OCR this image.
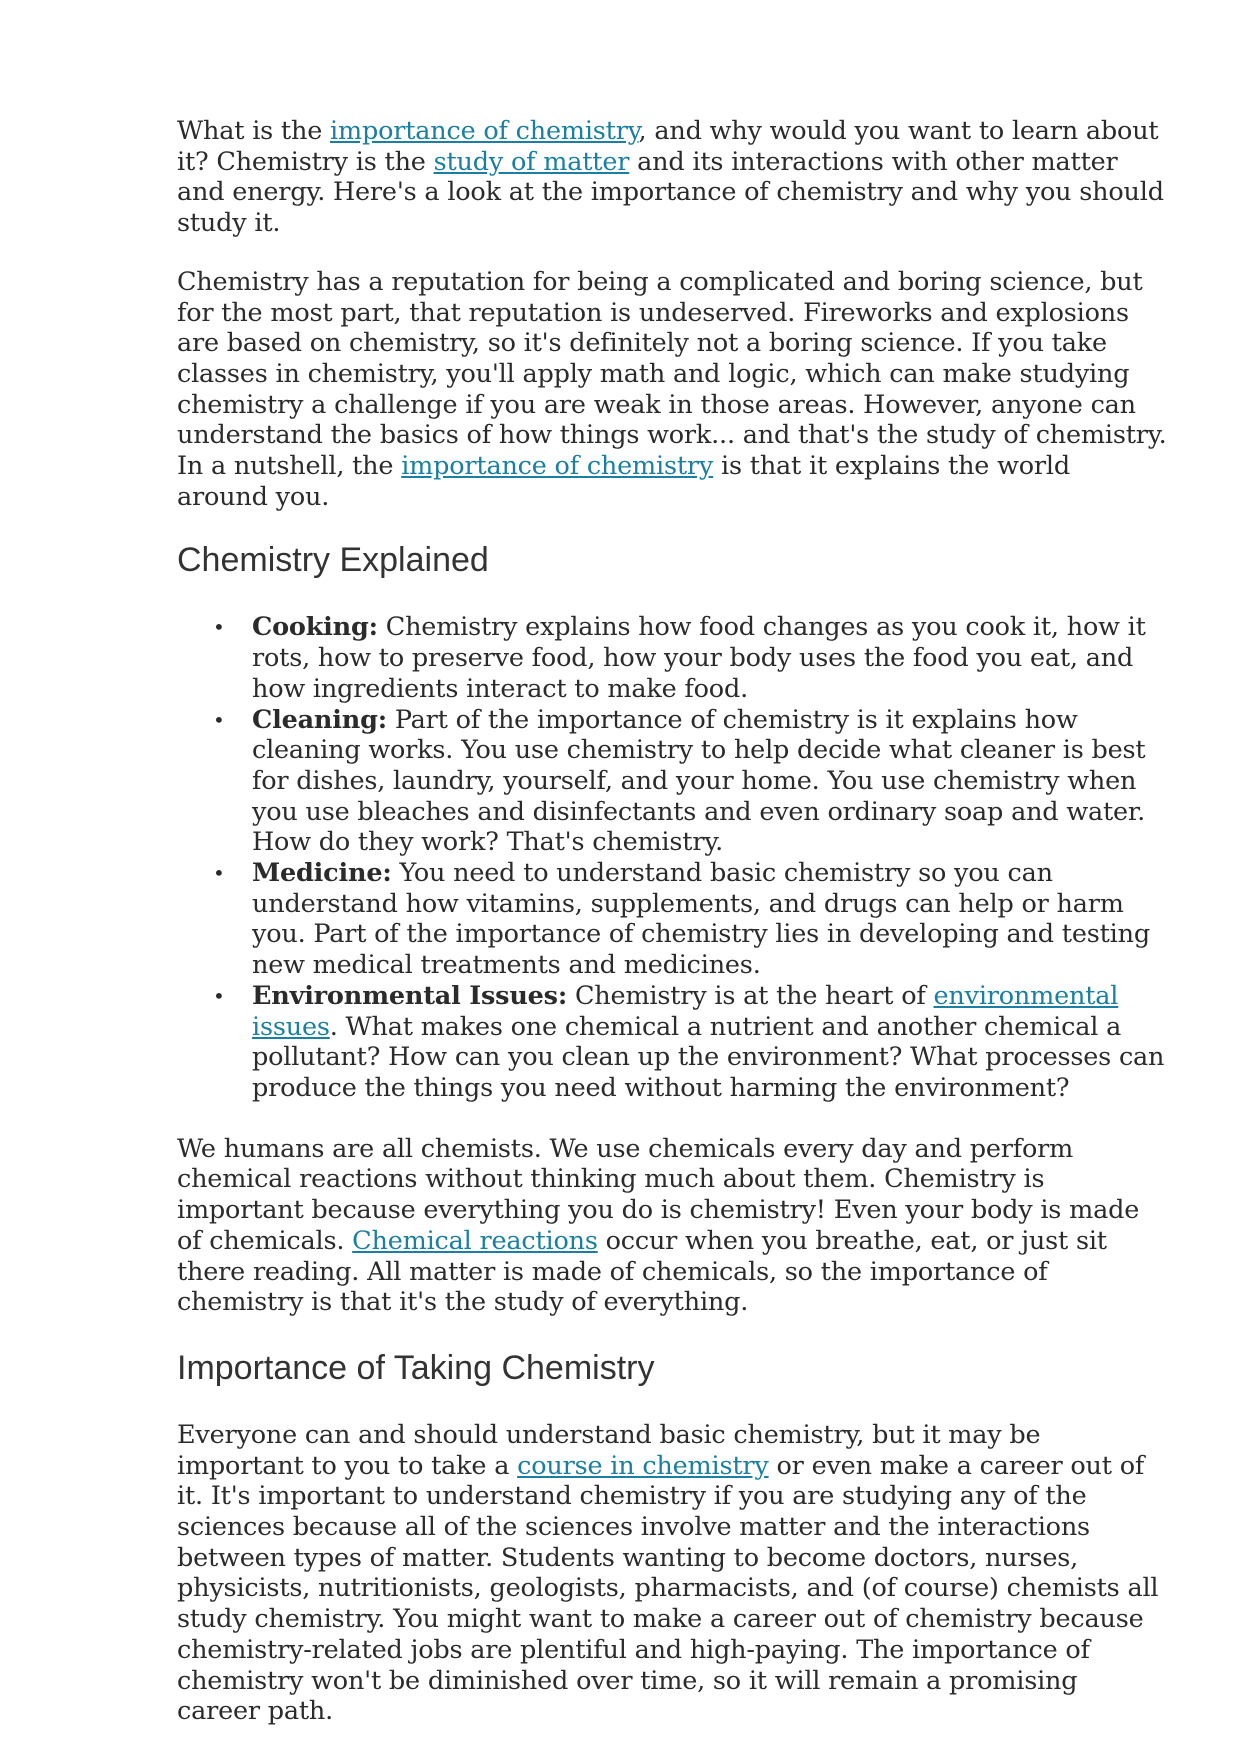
What is the importance of chemistry, and why would you want to learn about it? Chemistry is the study of matter and its interactions with other matter and energy. Here's a look at the importance of chemistry and why you should study it.

Chemistry has a reputation for being a complicated and boring science, but for the most part, that reputation is undeserved. Fireworks and explosions are based on chemistry, so it's definitely not a boring science. If you take classes in chemistry, you'll apply math and logic, which can make studying chemistry a challenge if you are weak in those areas. However, anyone can understand the basics of how things work... and that's the study of chemistry. In a nutshell, the importance of chemistry is that it explains the world around you.

Chemistry Explained
• Cooking: Chemistry explains how food changes as you cook it, how it rots, how to preserve food, how your body uses the food you eat, and how ingredients interact to make food.
• Cleaning: Part of the importance of chemistry is it explains how cleaning works. You use chemistry to help decide what cleaner is best for dishes, laundry, yourself, and your home. You use chemistry when you use bleaches and disinfectants and even ordinary soap and water. How do they work? That's chemistry.
• Medicine: You need to understand basic chemistry so you can understand how vitamins, supplements, and drugs can help or harm you. Part of the importance of chemistry lies in developing and testing new medical treatments and medicines.
• Environmental Issues: Chemistry is at the heart of environmental issues. What makes one chemical a nutrient and another chemical a pollutant? How can you clean up the environment? What processes can produce the things you need without harming the environment?

We humans are all chemists. We use chemicals every day and perform chemical reactions without thinking much about them. Chemistry is important because everything you do is chemistry! Even your body is made of chemicals. Chemical reactions occur when you breathe, eat, or just sit there reading. All matter is made of chemicals, so the importance of chemistry is that it's the study of everything.

Importance of Taking Chemistry

Everyone can and should understand basic chemistry, but it may be important to you to take a course in chemistry or even make a career out of it. It's important to understand chemistry if you are studying any of the sciences because all of the sciences involve matter and the interactions between types of matter. Students wanting to become doctors, nurses, physicists, nutritionists, geologists, pharmacists, and (of course) chemists all study chemistry. You might want to make a career out of chemistry because chemistry-related jobs are plentiful and high-paying. The importance of chemistry won't be diminished over time, so it will remain a promising career path.
